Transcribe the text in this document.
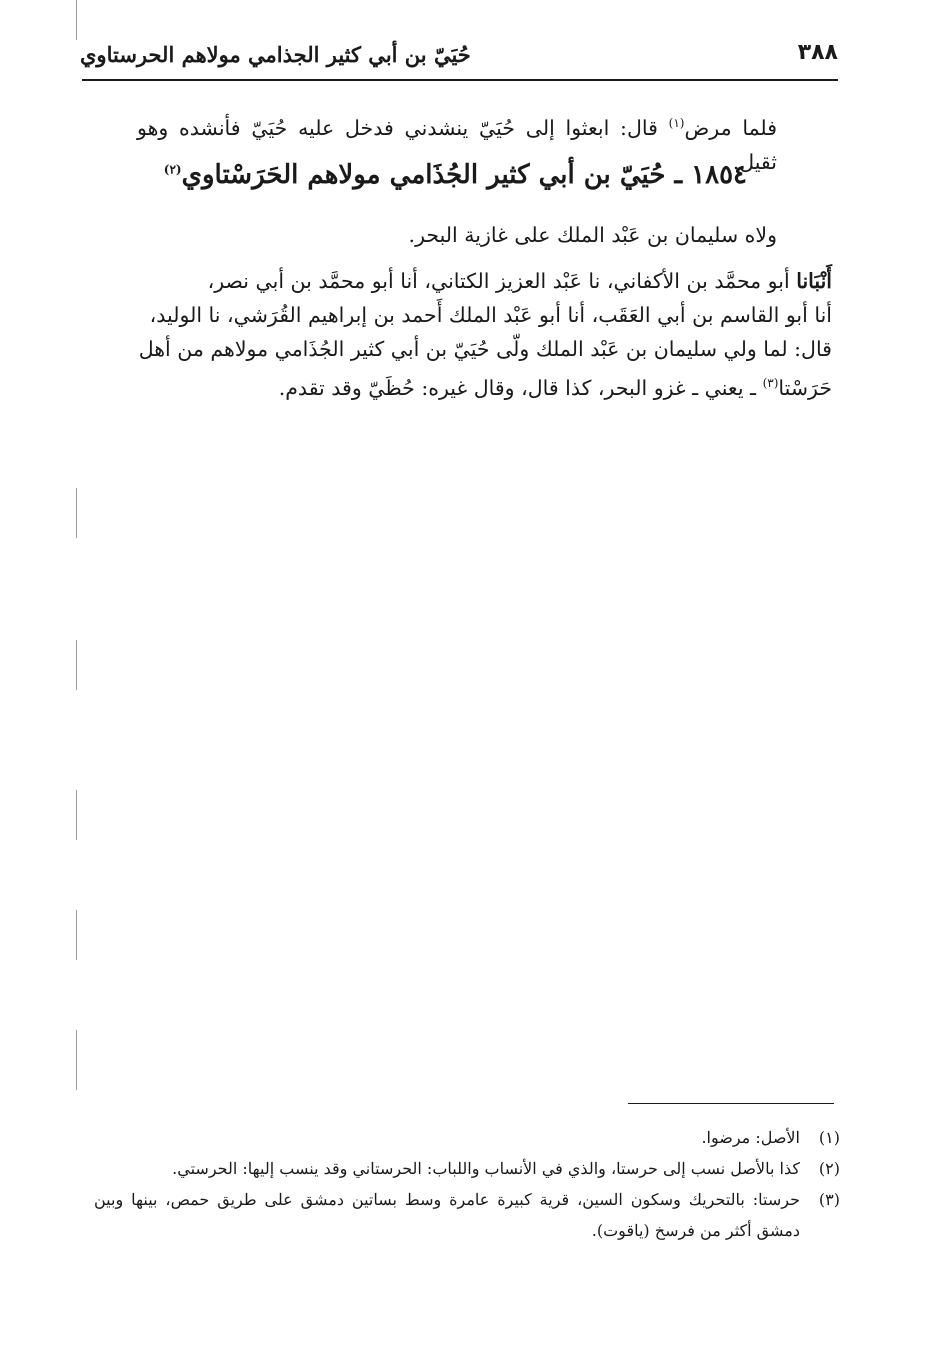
٣٨٨
حُيَيّ بن أبي كثير الجذامي مولاهم الحرستاوي
فلما مرض$^{(١)}$ قال: ابعثوا إلى حُيَيّ ينشدني فدخل عليه حُيَيّ فأنشده وهو ثقيل.
١٨٥٤ ـ حُيَيّ بن أبي كثير الجُذَامي مولاهم الحَرَسْتاوي$^{(٢)}$
ولاه سليمان بن عَبْد الملك على غازية البحر.

أَنْبَانا أبو محمَّد بن الأكفاني، نا عَبْد العزيز الكتاني، أنا أبو محمَّد بن أبي نصر،

أنا أبو القاسم بن أبي العَقَب، أنا أبو عَبْد الملك أَحمد بن إبراهيم القُرَشي، نا الوليد،

قال: لما ولي سليمان بن عَبْد الملك ولّى حُيَيّ بن أبي كثير الجُذَامي مولاهم من أهل

حَرَسْتا$^{(٣)}$ ـ يعني ـ غزو البحر، كذا قال، وقال غيره: حُظَيّ وقد تقدم.

(١)
الأصل: مرضوا.
(٢)
كذا بالأصل نسب إلى حرستا، والذي في الأنساب واللباب: الحرستاني وقد ينسب إليها: الحرستي.
(٣)
حرستا: بالتحريك وسكون السين، قرية كبيرة عامرة وسط بساتين دمشق على طريق حمص، بينها وبين دمشق أكثر من فرسخ (ياقوت).
